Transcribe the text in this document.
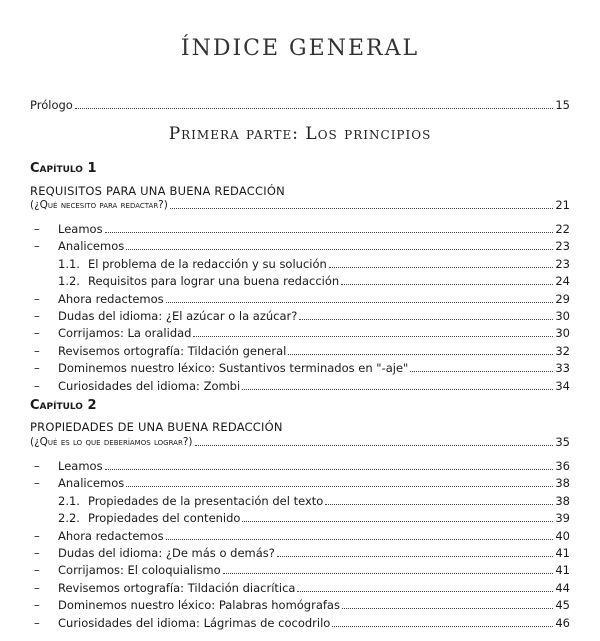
ÍNDICE GENERAL
Prólogo	15
Primera parte: Los principios
Capítulo 1
REQUISITOS PARA UNA BUENA REDACCIÓN
(¿Qué necesito para redactar?)	21
Leamos	22
Analicemos	23
1.1. El problema de la redacción y su solución	23
1.2. Requisitos para lograr una buena redacción	24
Ahora redactemos	29
Dudas del idioma: ¿El azúcar o la azúcar?	30
Corrijamos: La oralidad	30
Revisemos ortografía: Tildación general	32
Dominemos nuestro léxico: Sustantivos terminados en "-aje"	33
Curiosidades del idioma: Zombi	34
Capítulo 2
PROPIEDADES DE UNA BUENA REDACCIÓN
(¿Qué es lo que deberíamos lograr?)	35
Leamos	36
Analicemos	38
2.1. Propiedades de la presentación del texto	38
2.2. Propiedades del contenido	39
Ahora redactemos	40
Dudas del idioma: ¿De más o demás?	41
Corrijamos: El coloquialismo	41
Revisemos ortografía: Tildación diacrítica	44
Dominemos nuestro léxico: Palabras homógrafas	45
Curiosidades del idioma: Lágrimas de cocodrilo	46
–
–
–
–
–
–
–
–
–
–
–
–
–
–
–
–
